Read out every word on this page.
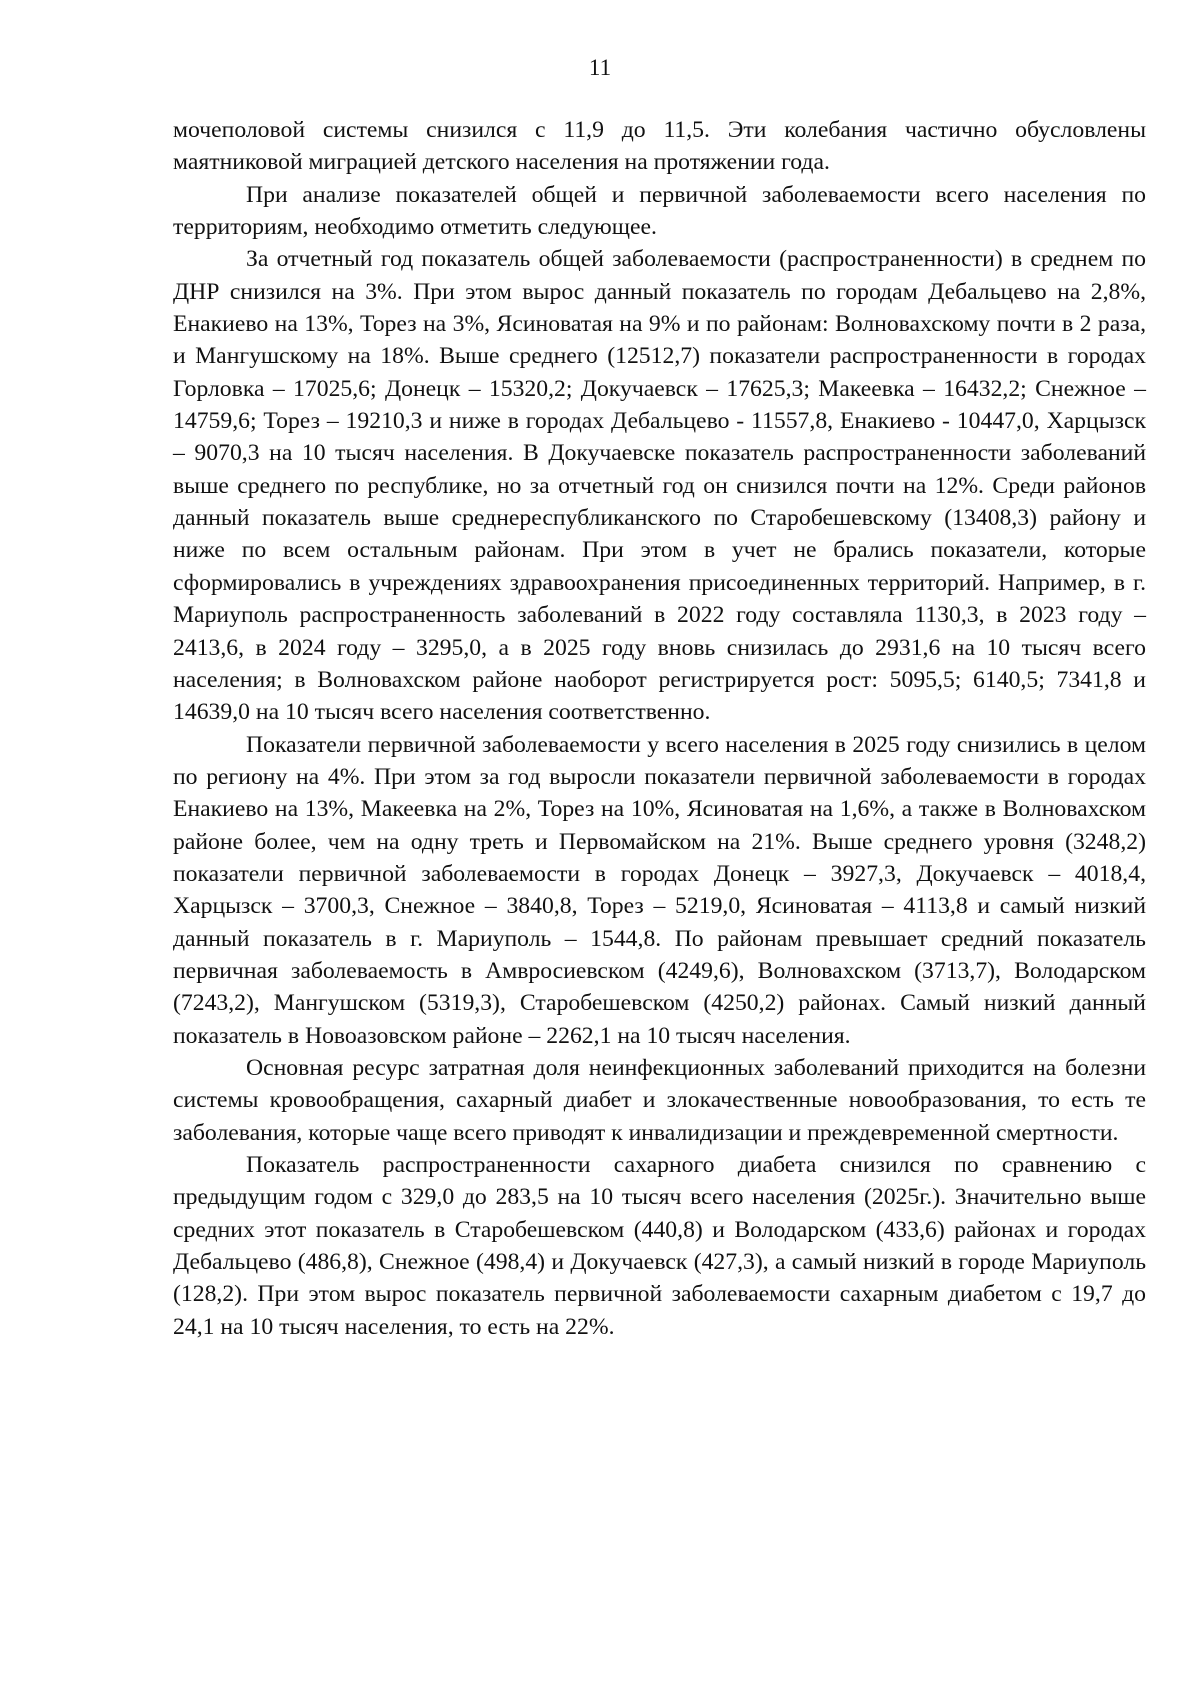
11

мочеполовой системы снизился с 11,9 до 11,5. Эти колебания частично обусловлены маятниковой миграцией детского населения на протяжении года.

При анализе показателей общей и первичной заболеваемости всего населения по территориям, необходимо отметить следующее.

За отчетный год показатель общей заболеваемости (распространенности) в среднем по ДНР снизился на 3%. При этом вырос данный показатель по городам Дебальцево на 2,8%, Енакиево на 13%, Торез на 3%, Ясиноватая на 9% и по районам: Волновахскому почти в 2 раза, и Мангушскому на 18%. Выше среднего (12512,7) показатели распространенности в городах Горловка – 17025,6; Донецк – 15320,2; Докучаевск – 17625,3; Макеевка – 16432,2; Снежное – 14759,6; Торез – 19210,3 и ниже в городах Дебальцево - 11557,8, Енакиево - 10447,0, Харцызск – 9070,3 на 10 тысяч населения. В Докучаевске показатель распространенности заболеваний выше среднего по республике, но за отчетный год он снизился почти на 12%. Среди районов данный показатель выше среднереспубликанского по Старобешевскому (13408,3) району и ниже по всем остальным районам. При этом в учет не брались показатели, которые сформировались в учреждениях здравоохранения присоединенных территорий. Например, в г. Мариуполь распространенность заболеваний в 2022 году составляла 1130,3, в 2023 году – 2413,6, в 2024 году – 3295,0, а в 2025 году вновь снизилась до 2931,6 на 10 тысяч всего населения; в Волновахском районе наоборот регистрируется рост: 5095,5; 6140,5; 7341,8 и 14639,0 на 10 тысяч всего населения соответственно.

Показатели первичной заболеваемости у всего населения в 2025 году снизились в целом по региону на 4%. При этом за год выросли показатели первичной заболеваемости в городах Енакиево на 13%, Макеевка на 2%, Торез на 10%, Ясиноватая на 1,6%, а также в Волновахском районе более, чем на одну треть и Первомайском на 21%. Выше среднего уровня (3248,2) показатели первичной заболеваемости в городах Донецк – 3927,3, Докучаевск – 4018,4, Харцызск – 3700,3, Снежное – 3840,8, Торез – 5219,0, Ясиноватая – 4113,8 и самый низкий данный показатель в г. Мариуполь – 1544,8. По районам превышает средний показатель первичная заболеваемость в Амвросиевском (4249,6), Волновахском (3713,7), Володарском (7243,2), Мангушском (5319,3), Старобешевском (4250,2) районах. Самый низкий данный показатель в Новоазовском районе – 2262,1 на 10 тысяч населения.

Основная ресурс затратная доля неинфекционных заболеваний приходится на болезни системы кровообращения, сахарный диабет и злокачественные новообразования, то есть те заболевания, которые чаще всего приводят к инвалидизации и преждевременной смертности.

Показатель распространенности сахарного диабета снизился по сравнению с предыдущим годом с 329,0 до 283,5 на 10 тысяч всего населения (2025г.). Значительно выше средних этот показатель в Старобешевском (440,8) и Володарском (433,6) районах и городах Дебальцево (486,8), Снежное (498,4) и Докучаевск (427,3), а самый низкий в городе Мариуполь (128,2). При этом вырос показатель первичной заболеваемости сахарным диабетом с 19,7 до 24,1 на 10 тысяч населения, то есть на 22%.
